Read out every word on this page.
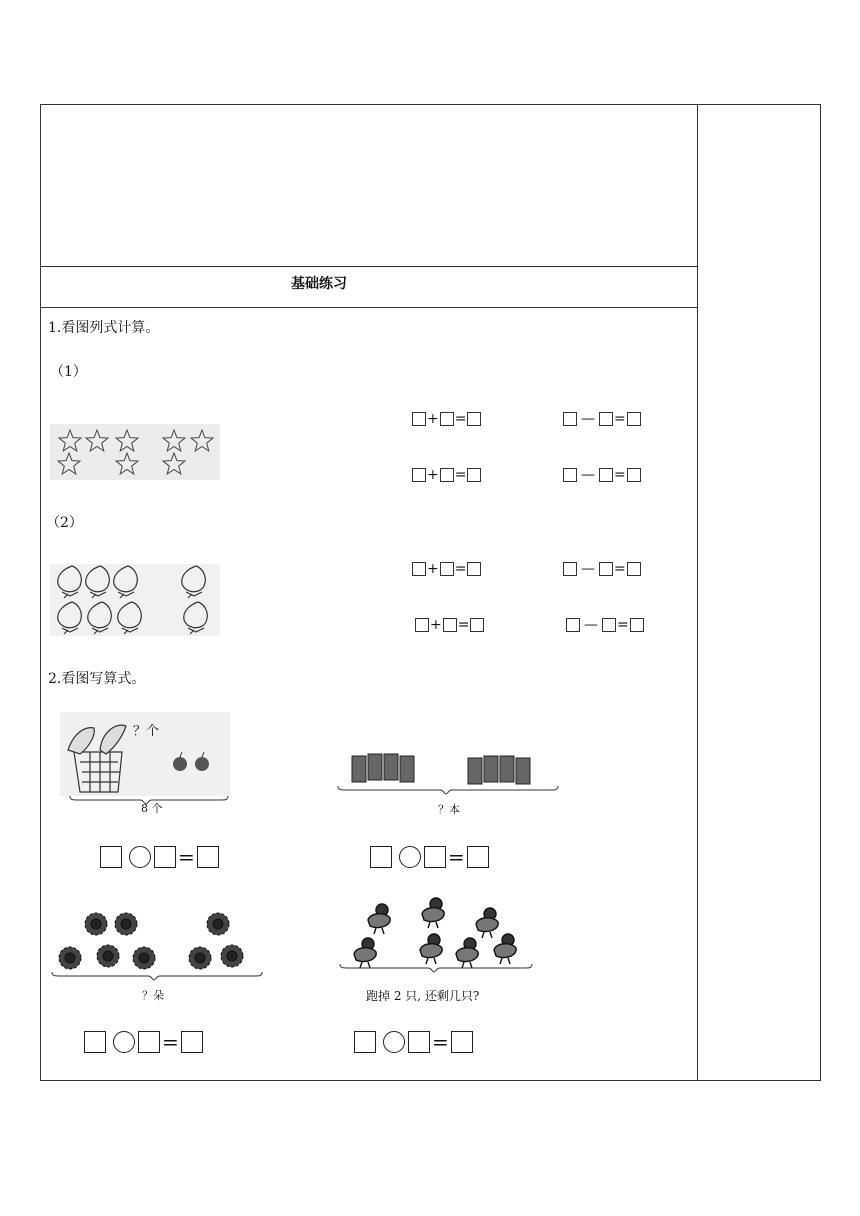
基础练习
1.看图列式计算。
（1）
+ =	— =
+ =	— =
（2）
+ =	— =
+ =	— =
2.看图写算式。
？个
8 个	？本
=	=
？朵	跑掉 2 只, 还剩几只?
=	=
